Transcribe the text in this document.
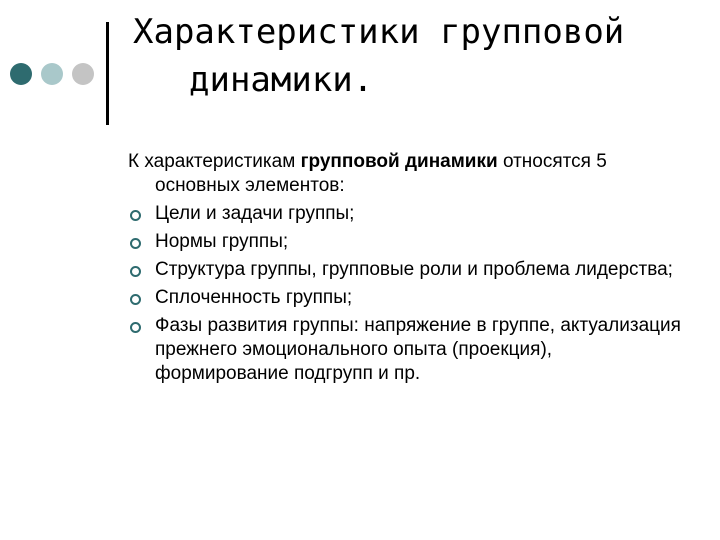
Характеристики групповой
динамики.

К характеристикам групповой динамики относятся 5 основных элементов:

Цели и задачи группы;
Нормы группы;
Структура группы, групповые роли и проблема лидерства;
Сплоченность группы;
Фазы развития группы: напряжение в группе, актуализация прежнего эмоционального опыта (проекция), формирование подгрупп и пр.
